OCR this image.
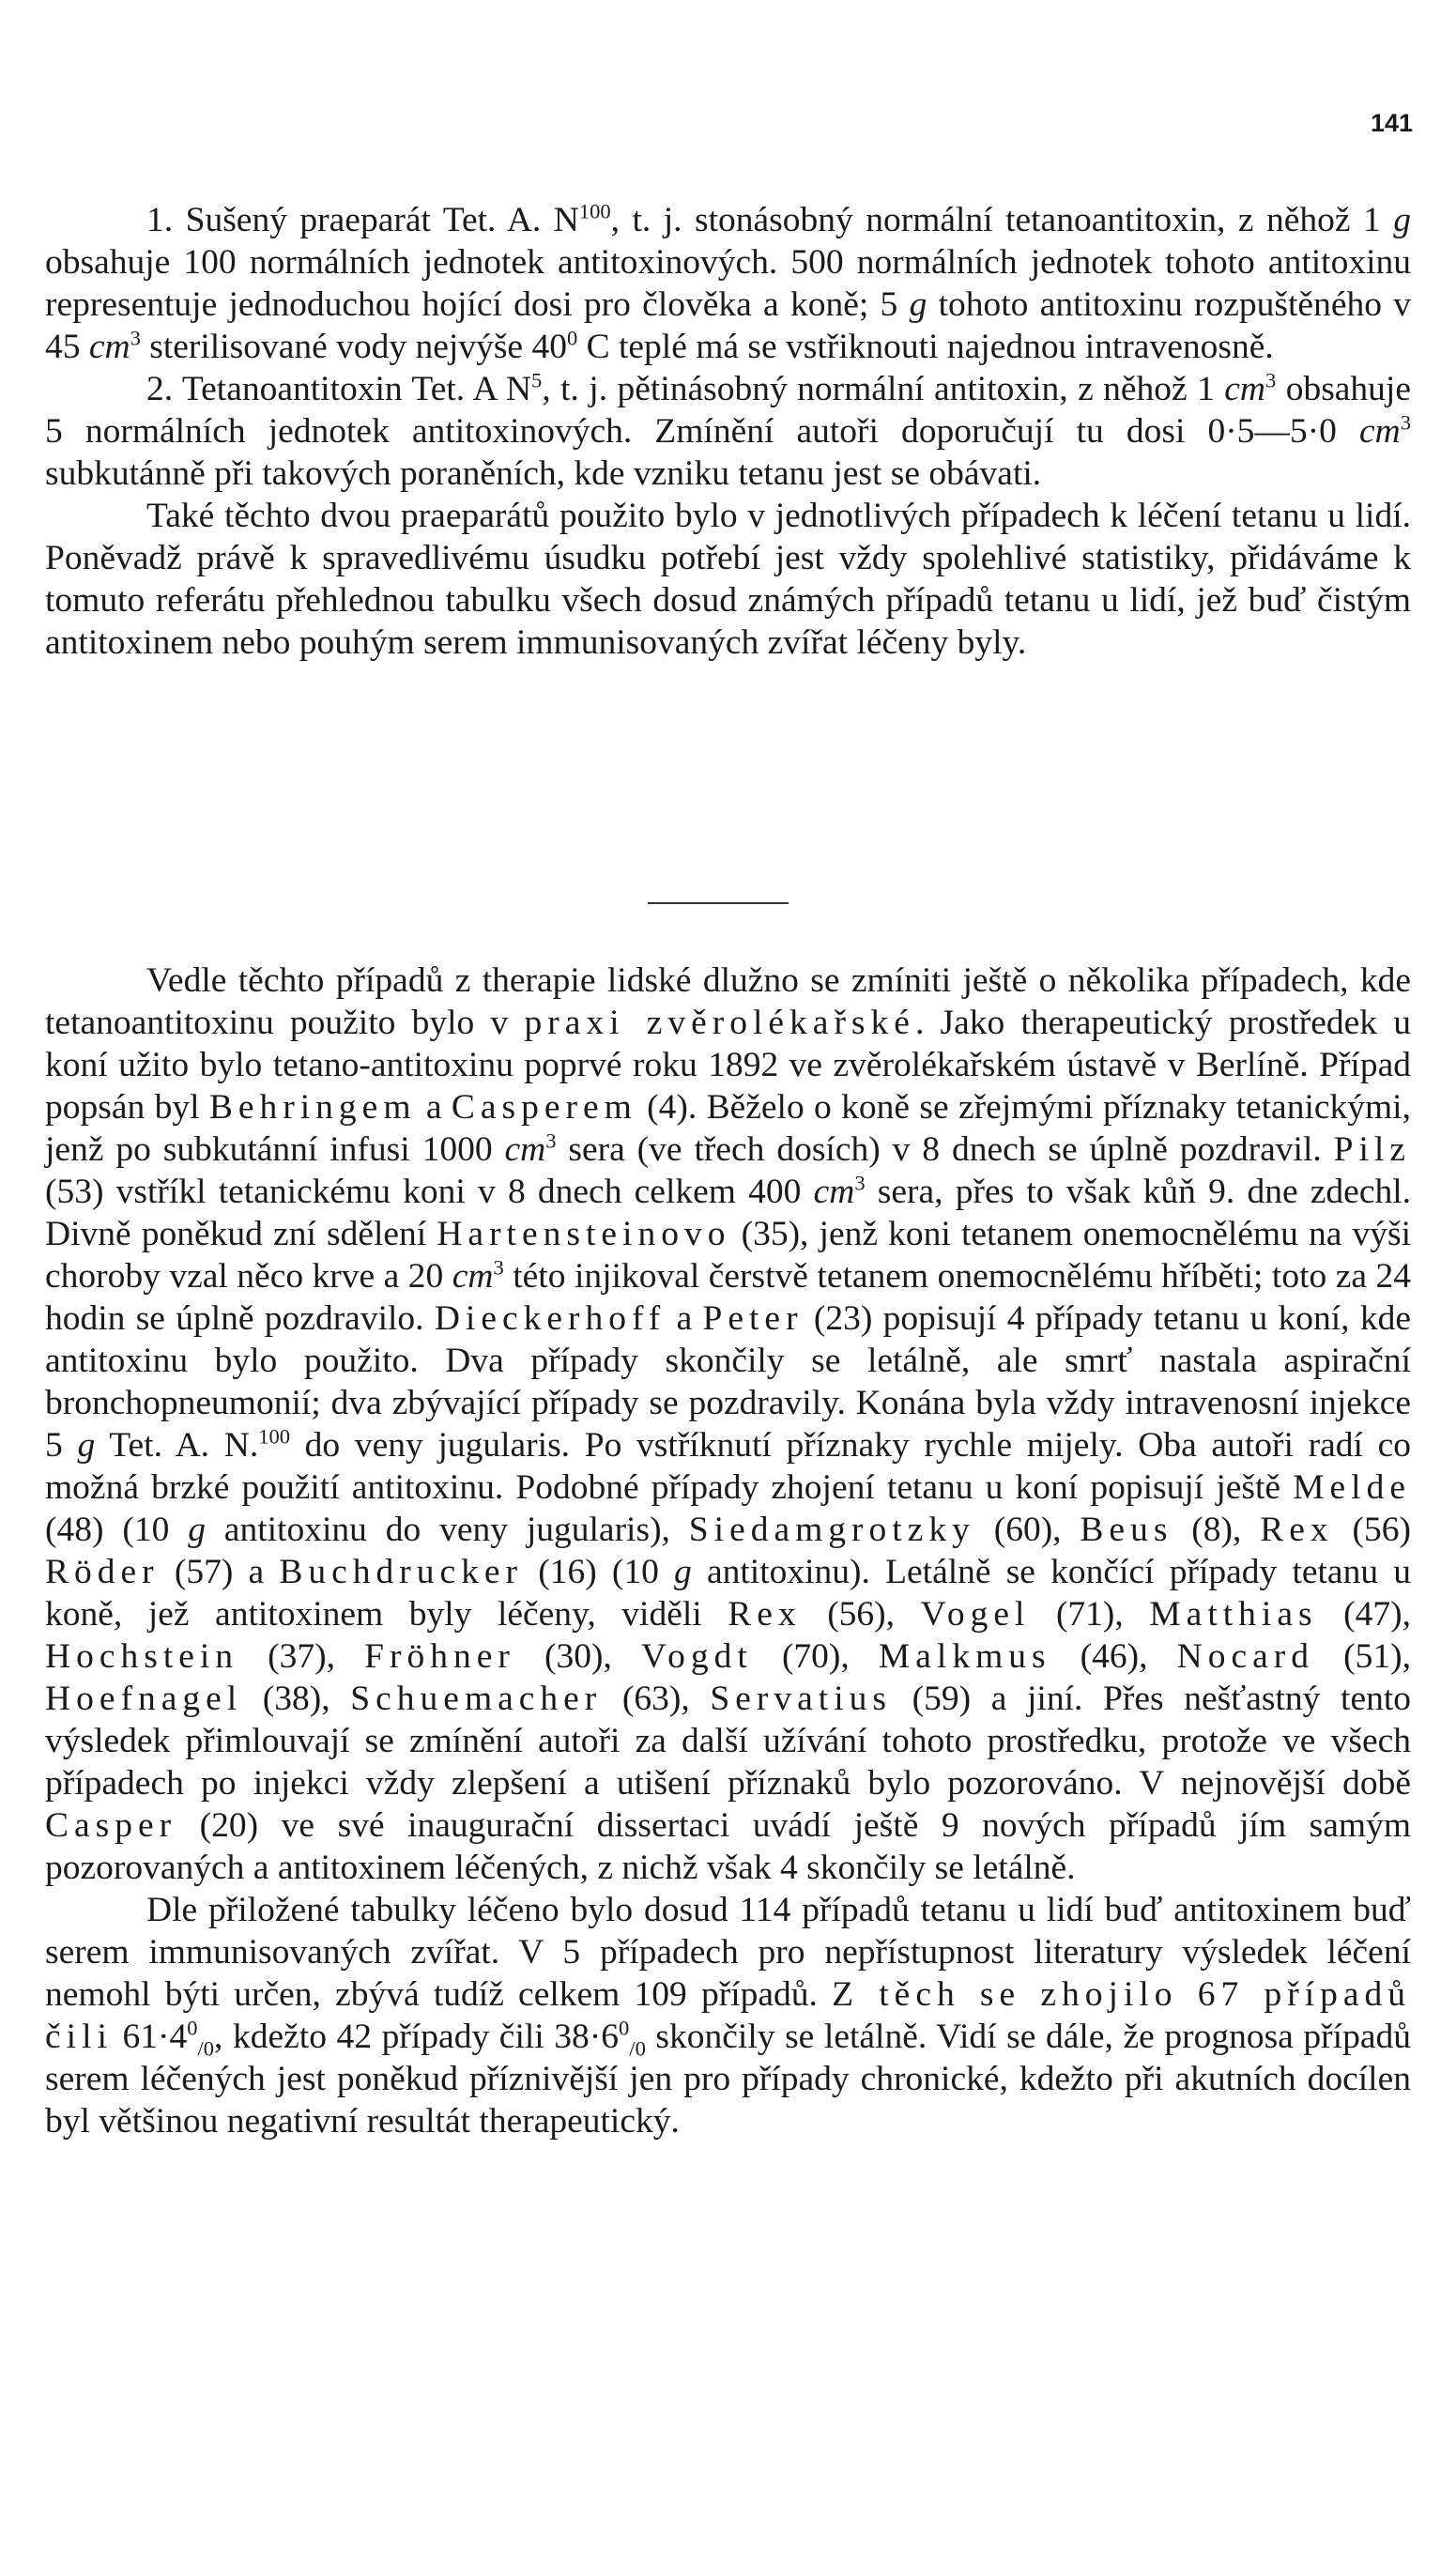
141

1. Sušený praeparát Tet. A. $N^{100}$, t. j. stonásobný normální tetanoantitoxin, z něhož 1 g obsahuje 100 normálních jednotek antitoxinových. 500 normálních jednotek tohoto antitoxinu representuje jednoduchou hojící dosi pro člověka a koně; 5 g tohoto antitoxinu rozpuštěného v 45 $cm^3$ sterilisované vody nejvýše $40^0$ C teplé má se vstřiknouti najednou intravenosně.

2. Tetanoantitoxin Tet. A $N^5$, t. j. pětinásobný normální antitoxin, z něhož 1 $cm^3$ obsahuje 5 normálních jednotek antitoxinových. Zmínění autoři doporučují tu dosi 0·5—5·0 $cm^3$ subkutánně při takových poraněních, kde vzniku tetanu jest se obávati.

Také těchto dvou praeparátů použito bylo v jednotlivých případech k léčení tetanu u lidí. Poněvadž právě k spravedlivému úsudku potřebí jest vždy spolehlivé statistiky, přidáváme k tomuto referátu přehlednou tabulku všech dosud známých případů tetanu u lidí, jež buď čistým antitoxinem nebo pouhým serem immunisovaných zvířat léčeny byly.

Vedle těchto případů z therapie lidské dlužno se zmíniti ještě o několika případech, kde tetanoantitoxinu použito bylo v praxi zvěrolékařské. Jako therapeutický prostředek u koní užito bylo tetano-antitoxinu poprvé roku 1892 ve zvěrolékařském ústavě v Berlíně. Případ popsán byl Behringem a Casperem (4). Běželo o koně se zřejmými příznaky tetanickými, jenž po subkutánní infusi 1000 $cm^3$ sera (ve třech dosích) v 8 dnech se úplně pozdravil. Pilz (53) vstříkl tetanickému koni v 8 dnech celkem 400 $cm^3$ sera, přes to však kůň 9. dne zdechl. Divně poněkud zní sdělení Hartensteinovo (35), jenž koni tetanem onemocnělému na výši choroby vzal něco krve a 20 $cm^3$ této injikoval čerstvě tetanem onemocnělému hříběti; toto za 24 hodin se úplně pozdravilo. Dieckerhoff a Peter (23) popisují 4 případy tetanu u koní, kde antitoxinu bylo použito. Dva případy skončily se letálně, ale smrť nastala aspirační bronchopneumonií; dva zbývající případy se pozdravily. Konána byla vždy intravenosní injekce 5 g Tet. A. N.$^{100}$ do veny jugularis. Po vstříknutí příznaky rychle mijely. Oba autoři radí co možná brzké použití antitoxinu. Podobné případy zhojení tetanu u koní popisují ještě Melde (48) (10 g antitoxinu do veny jugularis), Siedamgrotzky (60), Beus (8), Rex (56) Röder (57) a Buchdrucker (16) (10 g antitoxinu). Letálně se končící případy tetanu u koně, jež antitoxinem byly léčeny, viděli Rex (56), Vogel (71), Matthias (47), Hochstein (37), Fröhner (30), Vogdt (70), Malkmus (46), Nocard (51), Hoefnagel (38), Schuemacher (63), Servatius (59) a jiní. Přes nešťastný tento výsledek přimlouvají se zmínění autoři za další užívání tohoto prostředku, protože ve všech případech po injekci vždy zlepšení a utišení příznaků bylo pozorováno. V nejnovější době Casper (20) ve své inaugurační dissertaci uvádí ještě 9 nových případů jím samým pozorovaných a antitoxinem léčených, z nichž však 4 skončily se letálně.

Dle přiložené tabulky léčeno bylo dosud 114 případů tetanu u lidí buď antitoxinem buď serem immunisovaných zvířat. V 5 případech pro nepřístupnost literatury výsledek léčení nemohl býti určen, zbývá tudíž celkem 109 případů. Z těch se zhojilo 67 případů čili $61\cdot 4^0_{/0}$, kdežto 42 případy čili $38\cdot 6^0_{/0}$ skončily se letálně. Vidí se dále, že prognosa případů serem léčených jest poněkud příznivější jen pro případy chronické, kdežto při akutních docílen byl většinou negativní resultát therapeutický.
